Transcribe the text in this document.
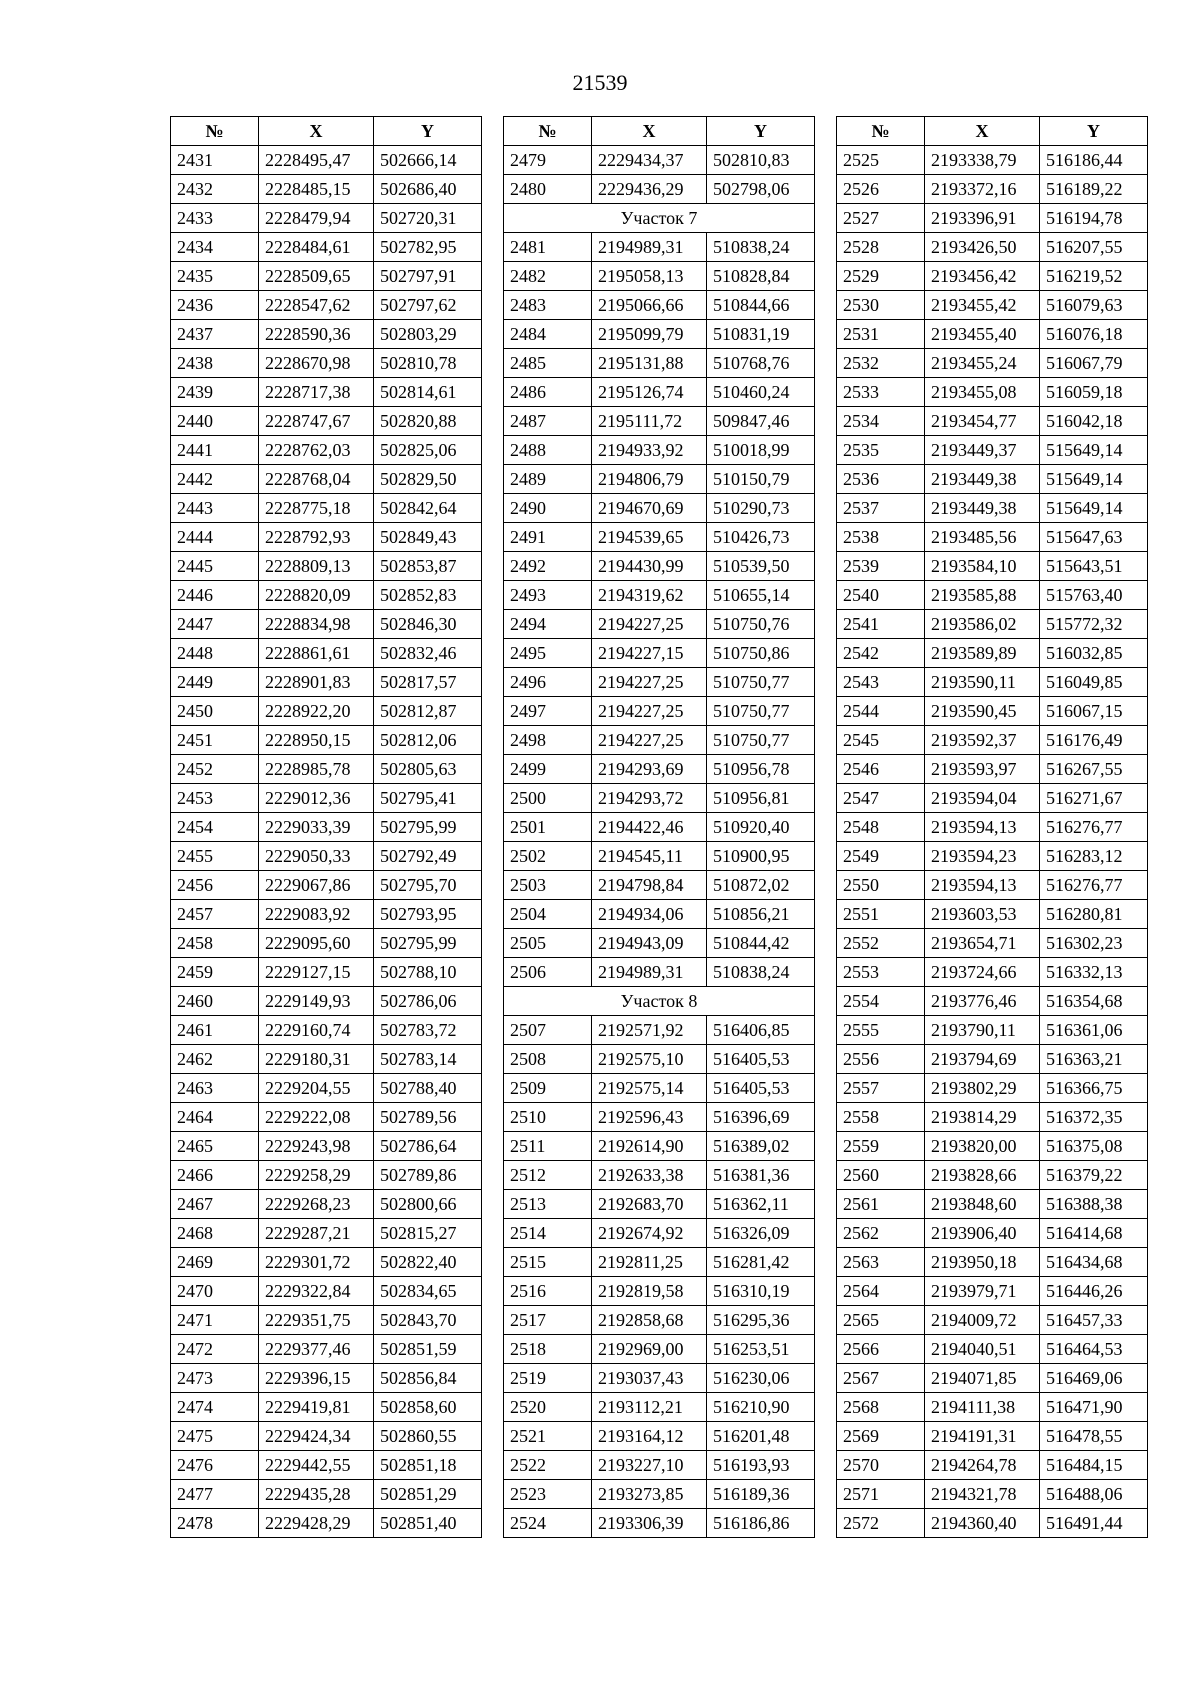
21539
№	X	Y
2431	2228495,47	502666,14
2432	2228485,15	502686,40
2433	2228479,94	502720,31
2434	2228484,61	502782,95
2435	2228509,65	502797,91
2436	2228547,62	502797,62
2437	2228590,36	502803,29
2438	2228670,98	502810,78
2439	2228717,38	502814,61
2440	2228747,67	502820,88
2441	2228762,03	502825,06
2442	2228768,04	502829,50
2443	2228775,18	502842,64
2444	2228792,93	502849,43
2445	2228809,13	502853,87
2446	2228820,09	502852,83
2447	2228834,98	502846,30
2448	2228861,61	502832,46
2449	2228901,83	502817,57
2450	2228922,20	502812,87
2451	2228950,15	502812,06
2452	2228985,78	502805,63
2453	2229012,36	502795,41
2454	2229033,39	502795,99
2455	2229050,33	502792,49
2456	2229067,86	502795,70
2457	2229083,92	502793,95
2458	2229095,60	502795,99
2459	2229127,15	502788,10
2460	2229149,93	502786,06
2461	2229160,74	502783,72
2462	2229180,31	502783,14
2463	2229204,55	502788,40
2464	2229222,08	502789,56
2465	2229243,98	502786,64
2466	2229258,29	502789,86
2467	2229268,23	502800,66
2468	2229287,21	502815,27
2469	2229301,72	502822,40
2470	2229322,84	502834,65
2471	2229351,75	502843,70
2472	2229377,46	502851,59
2473	2229396,15	502856,84
2474	2229419,81	502858,60
2475	2229424,34	502860,55
2476	2229442,55	502851,18
2477	2229435,28	502851,29
2478	2229428,29	502851,40
№	X	Y
2479	2229434,37	502810,83
2480	2229436,29	502798,06
Участок 7		
2481	2194989,31	510838,24
2482	2195058,13	510828,84
2483	2195066,66	510844,66
2484	2195099,79	510831,19
2485	2195131,88	510768,76
2486	2195126,74	510460,24
2487	2195111,72	509847,46
2488	2194933,92	510018,99
2489	2194806,79	510150,79
2490	2194670,69	510290,73
2491	2194539,65	510426,73
2492	2194430,99	510539,50
2493	2194319,62	510655,14
2494	2194227,25	510750,76
2495	2194227,15	510750,86
2496	2194227,25	510750,77
2497	2194227,25	510750,77
2498	2194227,25	510750,77
2499	2194293,69	510956,78
2500	2194293,72	510956,81
2501	2194422,46	510920,40
2502	2194545,11	510900,95
2503	2194798,84	510872,02
2504	2194934,06	510856,21
2505	2194943,09	510844,42
2506	2194989,31	510838,24
Участок 8		
2507	2192571,92	516406,85
2508	2192575,10	516405,53
2509	2192575,14	516405,53
2510	2192596,43	516396,69
2511	2192614,90	516389,02
2512	2192633,38	516381,36
2513	2192683,70	516362,11
2514	2192674,92	516326,09
2515	2192811,25	516281,42
2516	2192819,58	516310,19
2517	2192858,68	516295,36
2518	2192969,00	516253,51
2519	2193037,43	516230,06
2520	2193112,21	516210,90
2521	2193164,12	516201,48
2522	2193227,10	516193,93
2523	2193273,85	516189,36
2524	2193306,39	516186,86
№	X	Y
2525	2193338,79	516186,44
2526	2193372,16	516189,22
2527	2193396,91	516194,78
2528	2193426,50	516207,55
2529	2193456,42	516219,52
2530	2193455,42	516079,63
2531	2193455,40	516076,18
2532	2193455,24	516067,79
2533	2193455,08	516059,18
2534	2193454,77	516042,18
2535	2193449,37	515649,14
2536	2193449,38	515649,14
2537	2193449,38	515649,14
2538	2193485,56	515647,63
2539	2193584,10	515643,51
2540	2193585,88	515763,40
2541	2193586,02	515772,32
2542	2193589,89	516032,85
2543	2193590,11	516049,85
2544	2193590,45	516067,15
2545	2193592,37	516176,49
2546	2193593,97	516267,55
2547	2193594,04	516271,67
2548	2193594,13	516276,77
2549	2193594,23	516283,12
2550	2193594,13	516276,77
2551	2193603,53	516280,81
2552	2193654,71	516302,23
2553	2193724,66	516332,13
2554	2193776,46	516354,68
2555	2193790,11	516361,06
2556	2193794,69	516363,21
2557	2193802,29	516366,75
2558	2193814,29	516372,35
2559	2193820,00	516375,08
2560	2193828,66	516379,22
2561	2193848,60	516388,38
2562	2193906,40	516414,68
2563	2193950,18	516434,68
2564	2193979,71	516446,26
2565	2194009,72	516457,33
2566	2194040,51	516464,53
2567	2194071,85	516469,06
2568	2194111,38	516471,90
2569	2194191,31	516478,55
2570	2194264,78	516484,15
2571	2194321,78	516488,06
2572	2194360,40	516491,44
